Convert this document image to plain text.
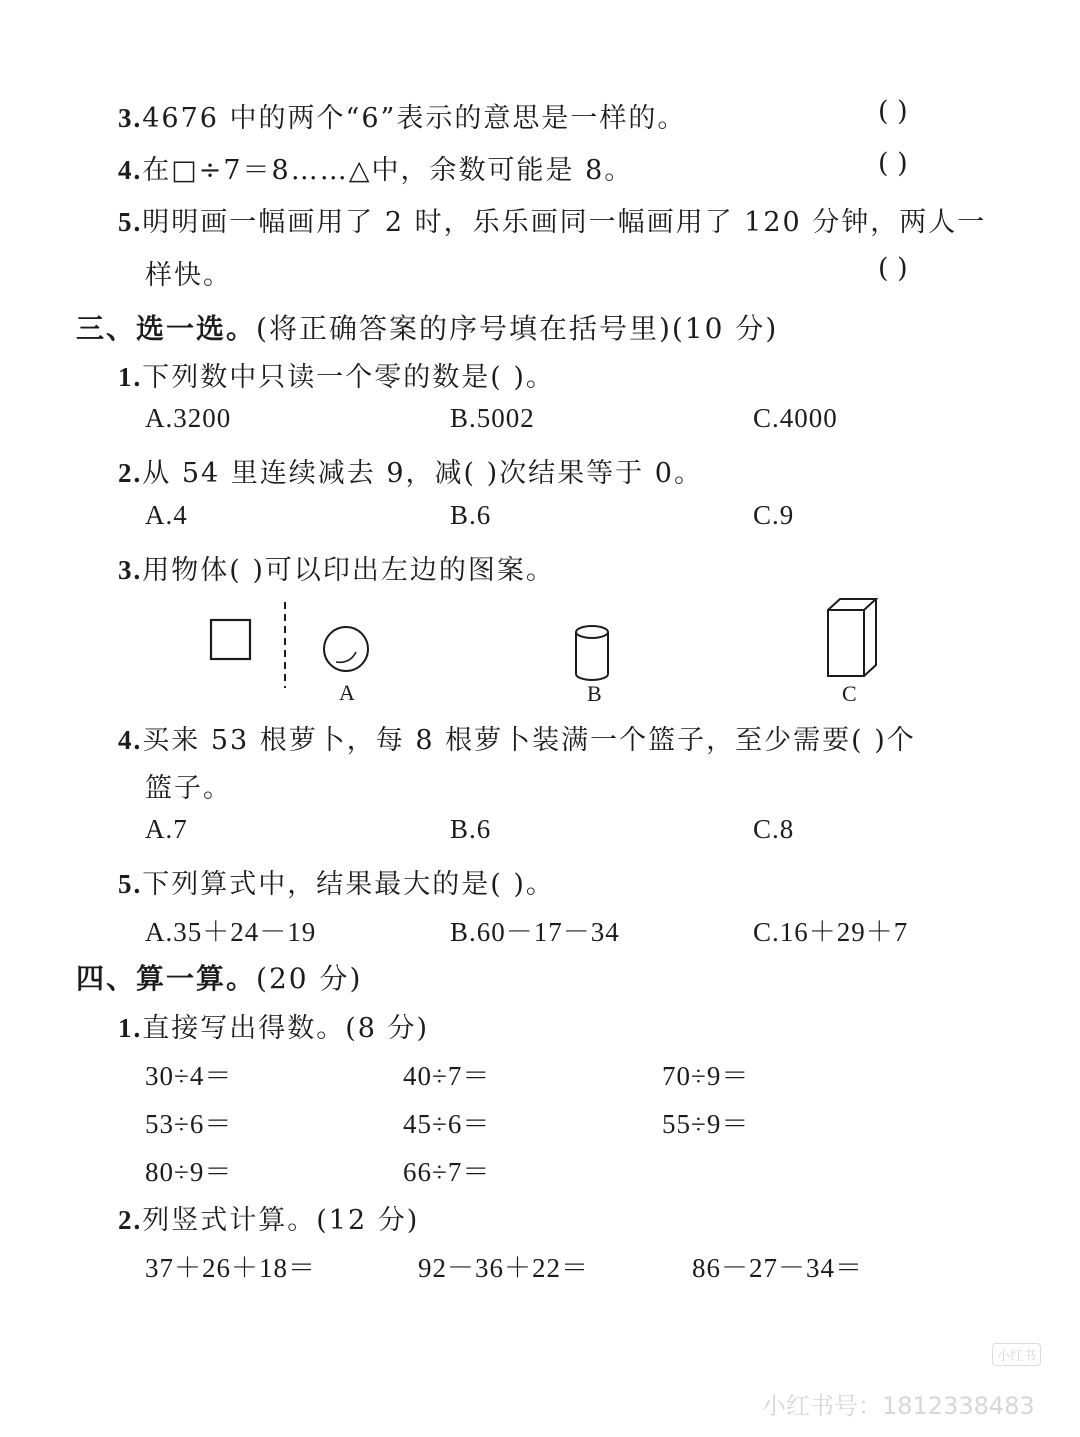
3.4676 中的两个“6”表示的意思是一样的。	( )
4.在□÷7＝8……△中，余数可能是 8。	( )
5.明明画一幅画用了 2 时，乐乐画同一幅画用了 120 分钟，两人一
样快。	( )
三、选一选。(将正确答案的序号填在括号里)(10 分)
1.下列数中只读一个零的数是( )。
A.3200	B.5002	C.4000
2.从 54 里连续减去 9，减( )次结果等于 0。
A.4	B.6	C.9
3.用物体( )可以印出左边的图案。
A	B	C
4.买来 53 根萝卜，每 8 根萝卜装满一个篮子，至少需要( )个
篮子。
A.7	B.6	C.8
5.下列算式中，结果最大的是( )。
A.35＋24－19	B.60－17－34	C.16＋29＋7
四、算一算。(20 分)
1.直接写出得数。(8 分)
30÷4＝	40÷7＝	70÷9＝
53÷6＝	45÷6＝	55÷9＝
80÷9＝	66÷7＝
2.列竖式计算。(12 分)
37＋26＋18＝	92－36＋22＝	86－27－34＝
小红书
小红书号：1812338483
